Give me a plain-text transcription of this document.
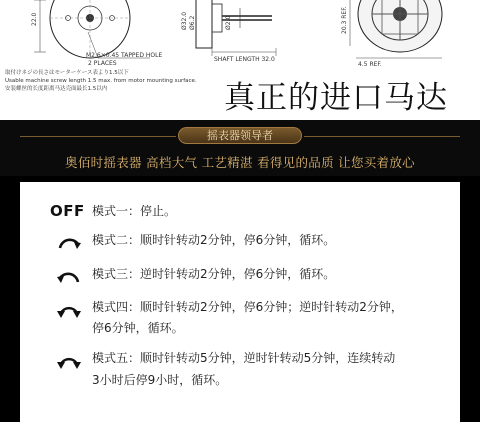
22.0
M2.6×0.45 TAPPED HOLE
2 PLACES
Ø32.0 Ø6.2	Ø2.0
SHAFT LENGTH 32.0
20.3 REF.
4.5 REF.
取付けネジの長さはモーターケース表より1.5以下
Usable machine screw length 1.5 max. from motor mounting surface.
安装螺丝的长度距离马达壳面最长1.5以内	真正的进口马达
摇表器领导者
奥佰时摇表器 高档大气 工艺精湛 看得见的品质 让您买着放心
OFF 模式一：停止。
模式二：顺时针转动2分钟，停6分钟，循环。
模式三：逆时针转动2分钟，停6分钟，循环。
模式四：顺时针转动2分钟，停6分钟；逆时针转动2分钟，
停6分钟，循环。
模式五：顺时针转动5分钟，逆时针转动5分钟，连续转动
3小时后停9小时，循环。
